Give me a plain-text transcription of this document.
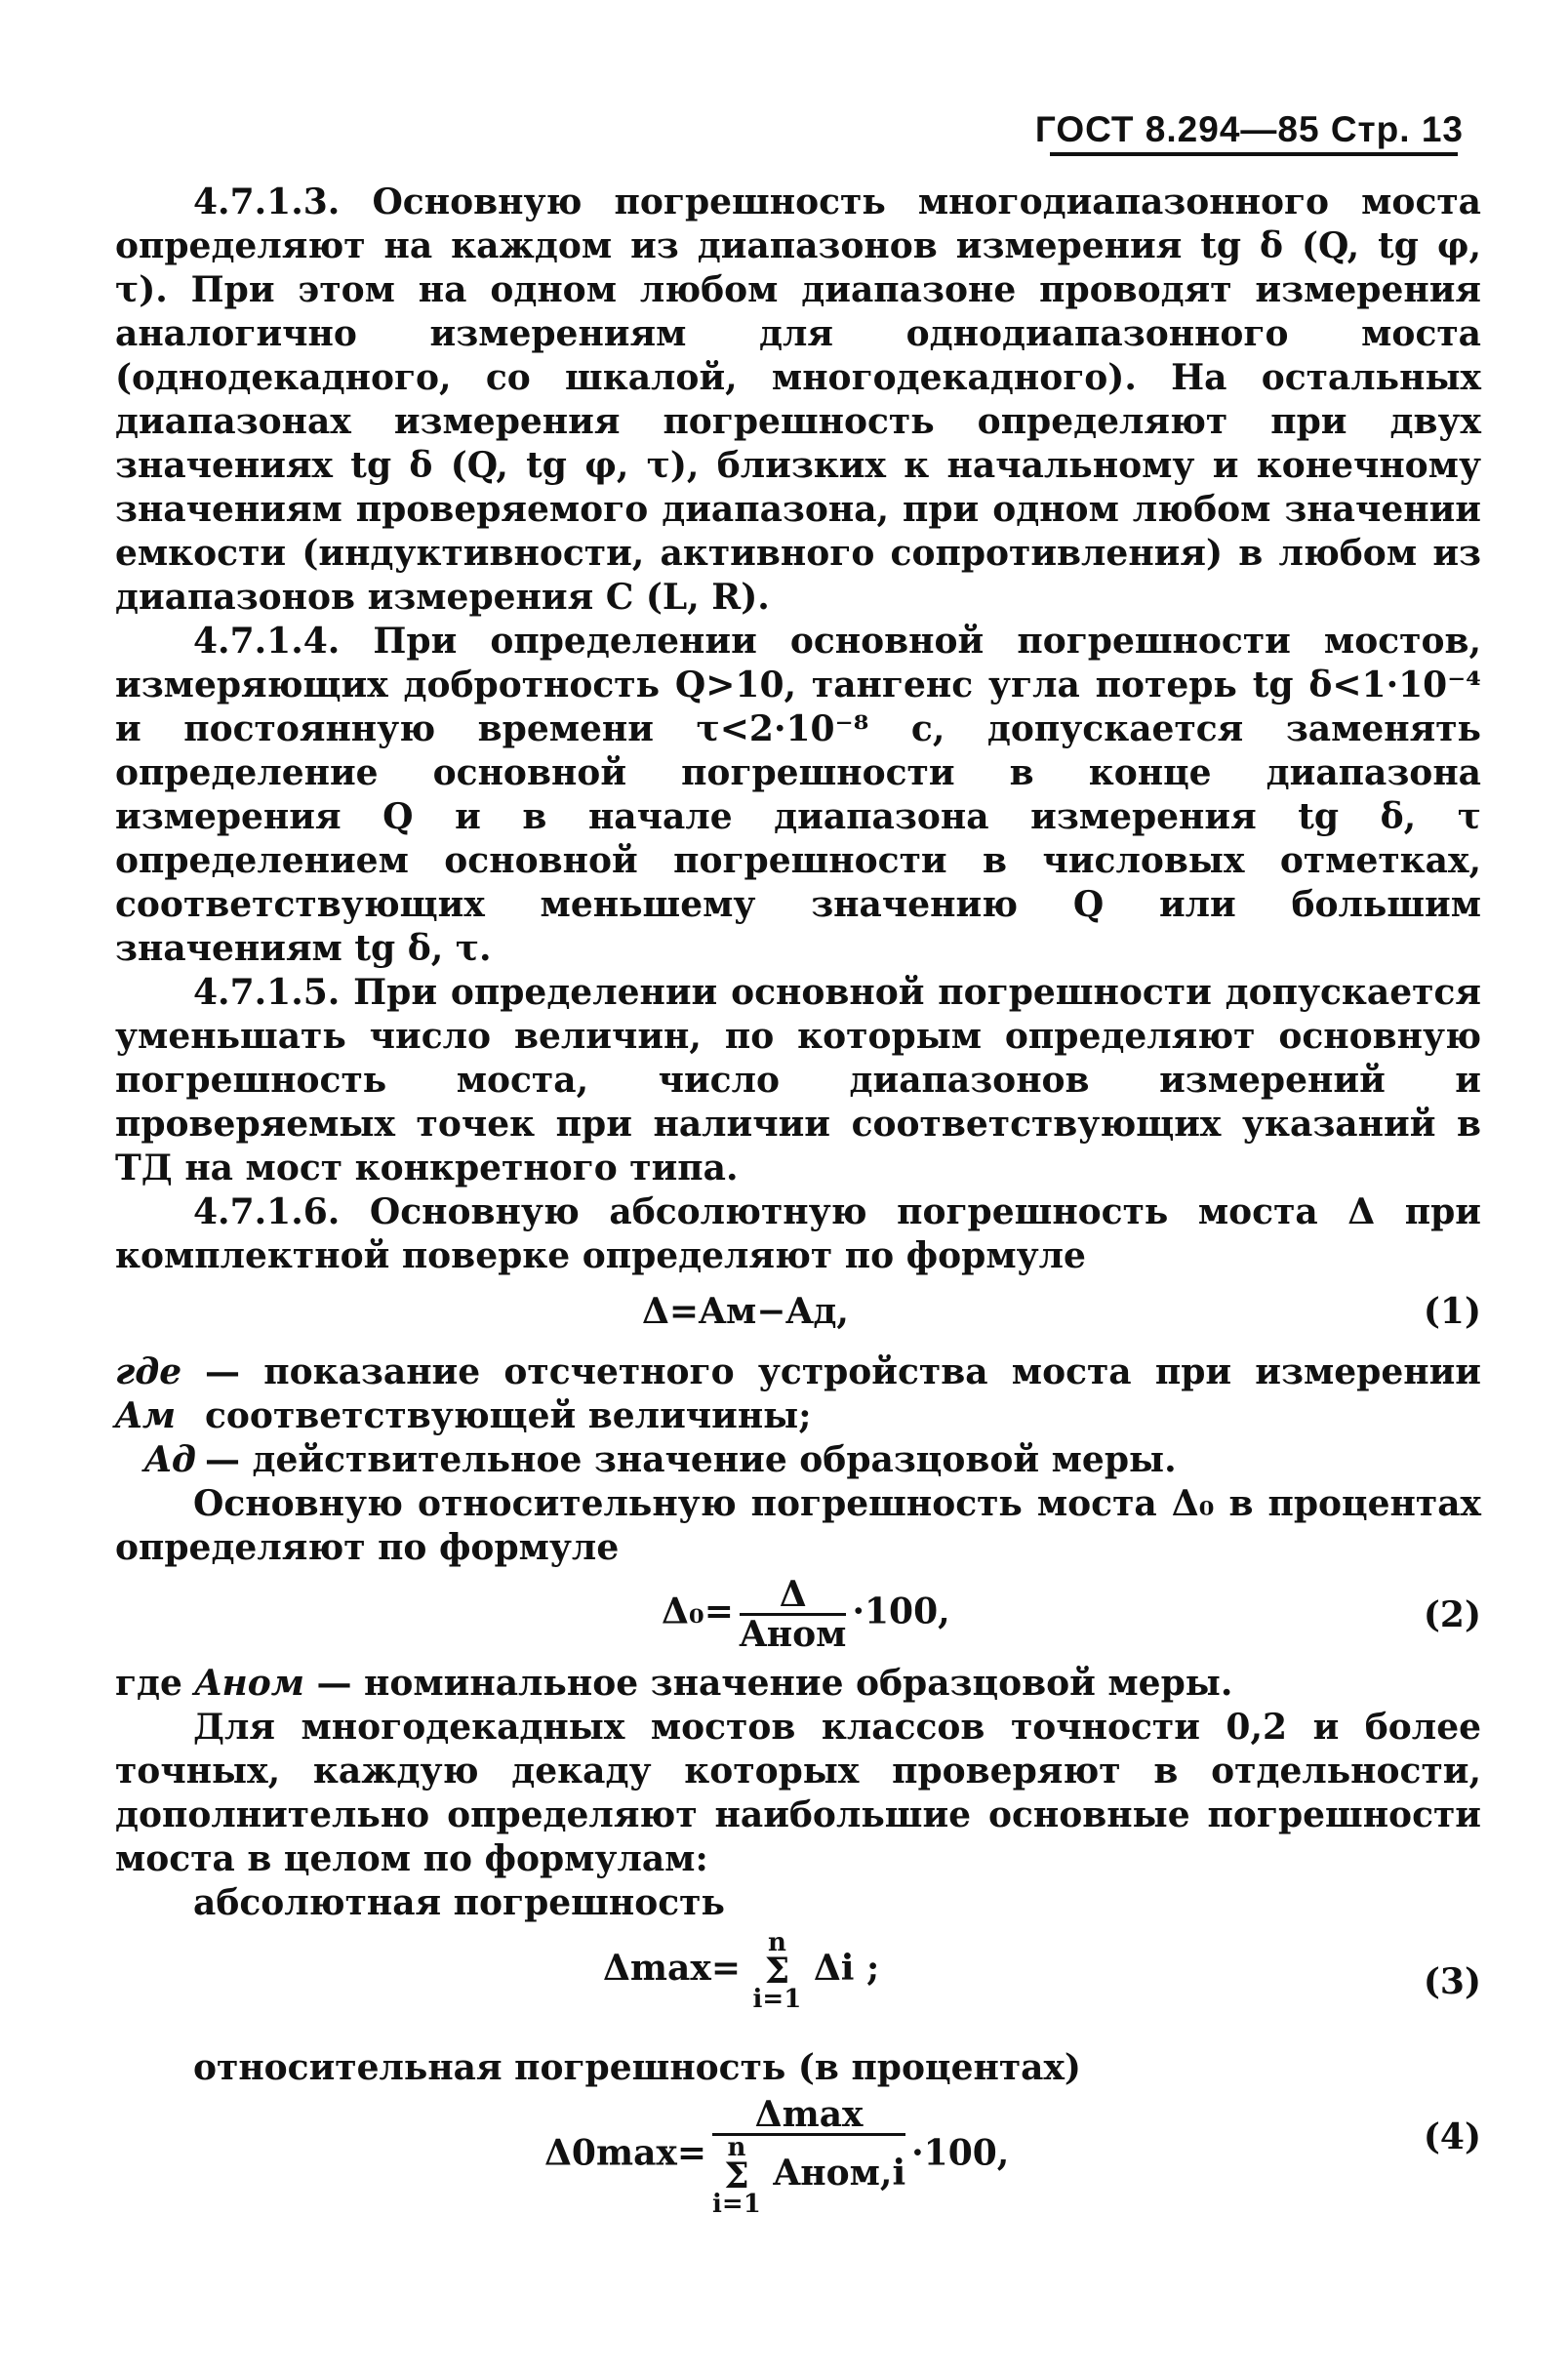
ГОСТ 8.294—85 Стр. 13

4.7.1.3. Основную погрешность многодиапазонного моста определяют на каждом из диапазонов измерения tg δ (Q, tg φ, τ). При этом на одном любом диапазоне проводят измерения аналогично измерениям для однодиапазонного моста (однодекадного, со шкалой, многодекадного). На остальных диапазонах измерения погрешность определяют при двух значениях tg δ (Q, tg φ, τ), близких к начальному и конечному значениям проверяемого диапазона, при одном любом значении емкости (индуктивности, активного сопротивления) в любом из диапазонов измерения C (L, R).

4.7.1.4. При определении основной погрешности мостов, измеряющих добротность Q>10, тангенс угла потерь tg δ<1·10⁻⁴ и постоянную времени τ<2·10⁻⁸ с, допускается заменять определение основной погрешности в конце диапазона измерения Q и в начале диапазона измерения tg δ, τ определением основной погрешности в числовых отметках, соответствующих меньшему значению Q или большим значениям tg δ, τ.

4.7.1.5. При определении основной погрешности допускается уменьшать число величин, по которым определяют основную погрешность моста, число диапазонов измерений и проверяемых точек при наличии соответствующих указаний в ТД на мост конкретного типа.

4.7.1.6. Основную абсолютную погрешность моста Δ при комплектной поверке определяют по формуле

Δ=Aм−Aд,	(1)
где Aм
— показание отсчетного устройства моста при измерении соответствующей величины;
Aд — действительное значение образцовой меры.

Основную относительную погрешность моста Δ₀ в процентах определяют по формуле

$\Delta_0= \frac{\Delta}{\text{Aном}} \cdot 100$,	(2)

где Aном — номинальное значение образцовой меры.

Для многодекадных мостов классов точности 0,2 и более точных, каждую декаду которых проверяют в отдельности, дополнительно определяют наибольшие основные погрешности моста в целом по формулам:

абсолютная погрешность

Δmax= n
Σ
i=1 Δi ;	(3)

относительная погрешность (в процентах)

Δ0max= Δmax
n
Σ
i=1 Aном,i ·100,	(4)
